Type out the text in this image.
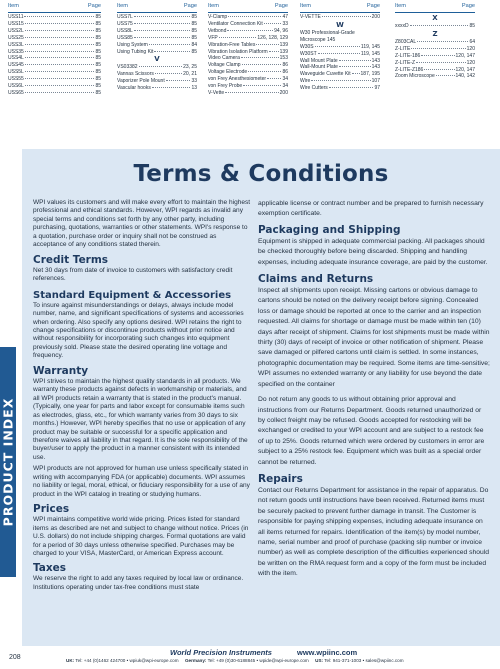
Item	Page	Item	Page Item	Page Item	Page	Item	Page
USS11	85
USS15	85
USS2L	85
USS25	85
USS3L	85
USS35	85
USS4L	85
USS45	85
USS5L	85
USS55	85
USS6L	85
USS65	85
USS7L	85
USS75	85
USS8L	85
USS85	85
Using System	84
Using Tubing Kit	85
V
VS03382	23, 25
Vannas Scissors	20, 21
Vaporizer Pole Mount	33
Vascular hooks	13
V-Clamp	47
Ventilator Connection Kit	33
Vetbond	94, 96
VFP	126, 128, 129
Vibration-Free Tables	139
Vibration Isolation Platform 139
Video Camera	153
Voltage Clamp	86
Voltage Electrode	86
von Frey Anesthesiometer	34
von Frey Probe	34
V-Vette	200
V-VETTE	200
W
W30 Professional-Grade Microscope 145
W30S	119, 145
W30ST	119, 145
Wall Mount Plate	143
Wall-Mount Plate	143
Waveguide Cuvette Kit 187, 195
Wire	107
Wire Cutters	97
X
xxxxD	85
Z
Z803CAL	64
Z-LITE	120
Z-LITE-186	120, 147
Z-LITE-Z	120
Z-LITE-Z186	120, 147
Zoom Microscope	140, 142
Terms & Conditions

WPI values its customers and will make every effort to maintain the highest professional and ethical standards. However, WPI regards as invalid any special terms and conditions set forth by any other party, including purchasing, quotations, warranties or other statements. WPI's response to a quotation, purchase order or inquiry shall not be construed as acceptance of any conditions stated therein.

Credit Terms

Net 30 days from date of invoice to customers with satisfactory credit references.

Standard Equipment & Accessories

To insure against misunderstandings or delays, always include model number, name, and significant specifications of systems and accessories when ordering. Also specify any options desired. WPI retains the right to change specifications or discontinue products without prior notice and without responsibility for incorporating such changes into equipment previously sold. Please state the desired operating line voltage and frequency.

Warranty

WPI strives to maintain the highest quality standards in all products. We warranty these products against defects in workmanship or materials, and all WPI products retain a warranty that is stated in the product's manual. (Typically, one year for parts and labor except for consumable items such as electrodes, glass, etc., for which warranty varies from 30 days to six months.) However, WPI hereby specifies that no use or application of any product may be suitable or successful for a specific application and therefore waives all liability in that regard. It is the sole responsibility of the buyer/user to apply the product in a manner consistent with its intended use.

WPI products are not approved for human use unless specifically stated in writing with accompanying FDA (or applicable) documents. WPI assumes no liability or legal, moral, ethical, or fiduciary responsibility for a use of any product in the WPI catalog in treating or studying humans.

Prices

WPI maintains competitive world wide pricing. Prices listed for standard items as described are net and subject to change without notice. Prices (in U.S. dollars) do not include shipping charges. Formal quotations are valid for a period of 30 days unless otherwise specified. Purchases may be charged to your VISA, MasterCard, or American Express account.

Taxes

We reserve the right to add any taxes required by local law or ordinance. Institutions operating under tax-free conditions must state

applicable license or contract number and be prepared to furnish necessary exemption certificate.

Packaging and Shipping

Equipment is shipped in adequate commercial packing. All packages should be checked thoroughly before being discarded. Shipping and handling expenses, including adequate insurance coverage, are paid by the customer.

Claims and Returns

Inspect all shipments upon receipt. Missing cartons or obvious damage to cartons should be noted on the delivery receipt before signing. Concealed loss or damage should be reported at once to the carrier and an inspection requested. All claims for shortage or damage must be made within ten (10) days after receipt of shipment. Claims for lost shipments must be made within thirty (30) days of receipt of invoice or other notification of shipment. Please save damaged or pilfered cartons until claim is settled. In some instances, photographic documentation may be required. Some items are time-sensitive; WPI assumes no extended warranty or any liability for use beyond the date specified on the container

Do not return any goods to us without obtaining prior approval and instructions from our Returns Department. Goods returned unauthorized or by collect freight may be refused. Goods accepted for restocking will be exchanged or credited to your WPI account and are subject to a restock fee of up to 25%. Goods returned which were ordered by customers in error are subject to a 25% restock fee. Equipment which was built as a special order cannot be returned.

Repairs

Contact our Returns Department for assistance in the repair of apparatus. Do not return goods until instructions have been received. Returned items must be securely packed to prevent further damage in transit. The Customer is responsible for paying shipping expenses, including adequate insurance on all items returned for repairs. Identification of the item(s) by model number, name, serial number and proof of purchase (packing slip number or invoice number) as well as complete description of the difficulties experienced should be written on the RMA request form and a copy of the form must be included with the item.

PRODUCT INDEX
208
World Precision Instruments	www.wpiinc.com
UK: Tel: +44 (0)1462 424700 • wpiuk@wpi-europe.com Germany: Tel: +49 (0)30-6188845 • wpide@wpi-europe.com US: Tel: 941-371-1003 • sales@wpiinc.com
